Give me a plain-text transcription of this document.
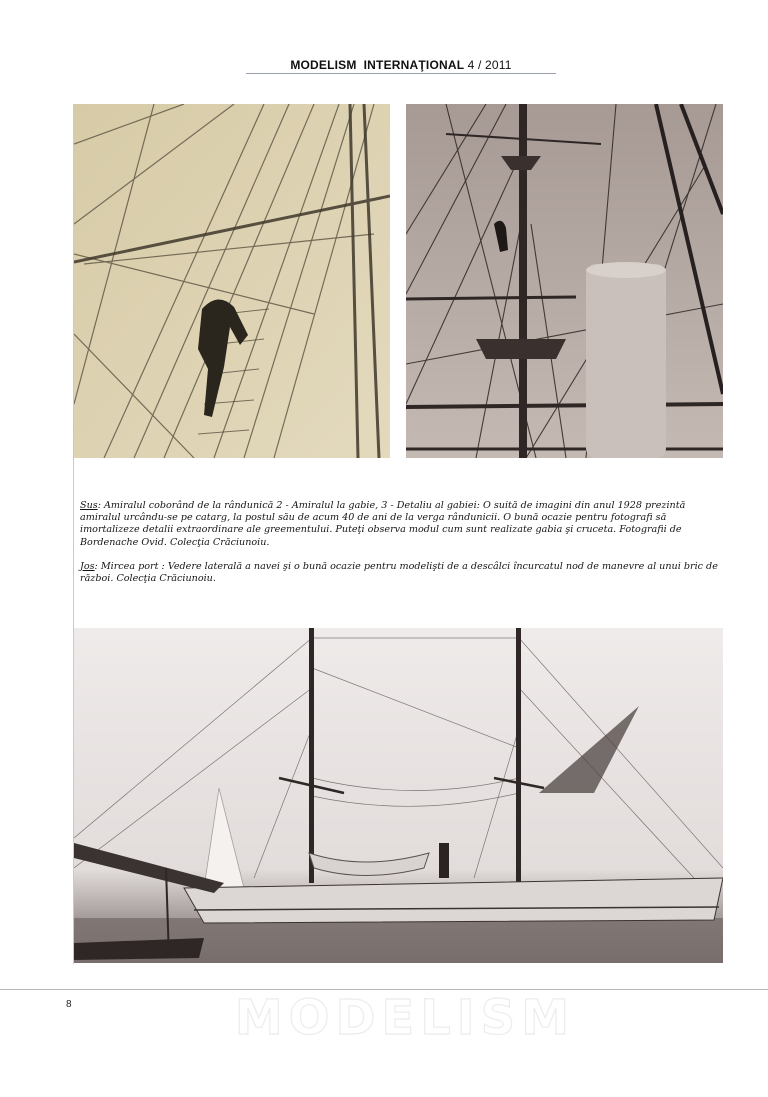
MODELISM  INTERNAŢIONAL 4 / 2011
Sus: Amiralul coborând de la rândunică 2 - Amiralul la gabie, 3 - Detaliu al gabiei: O suită de imagini din anul 1928 prezintă amiralul urcându-se pe catarg, la postul său de acum 40 de ani de la verga rândunicii. O bună ocazie pentru fotografi să imortalizeze detalii extraordinare ale greementului. Puteţi observa modul cum sunt realizate gabia şi cruceta. Fotografii de Bordenache Ovid. Colecţia Crăciunoiu.
Jos: Mircea port : Vedere laterală a navei şi o bună ocazie pentru modelişti de a descâlci încurcatul nod de manevre al unui bric de război. Colecţia Crăciunoiu.
8	MODELISM
